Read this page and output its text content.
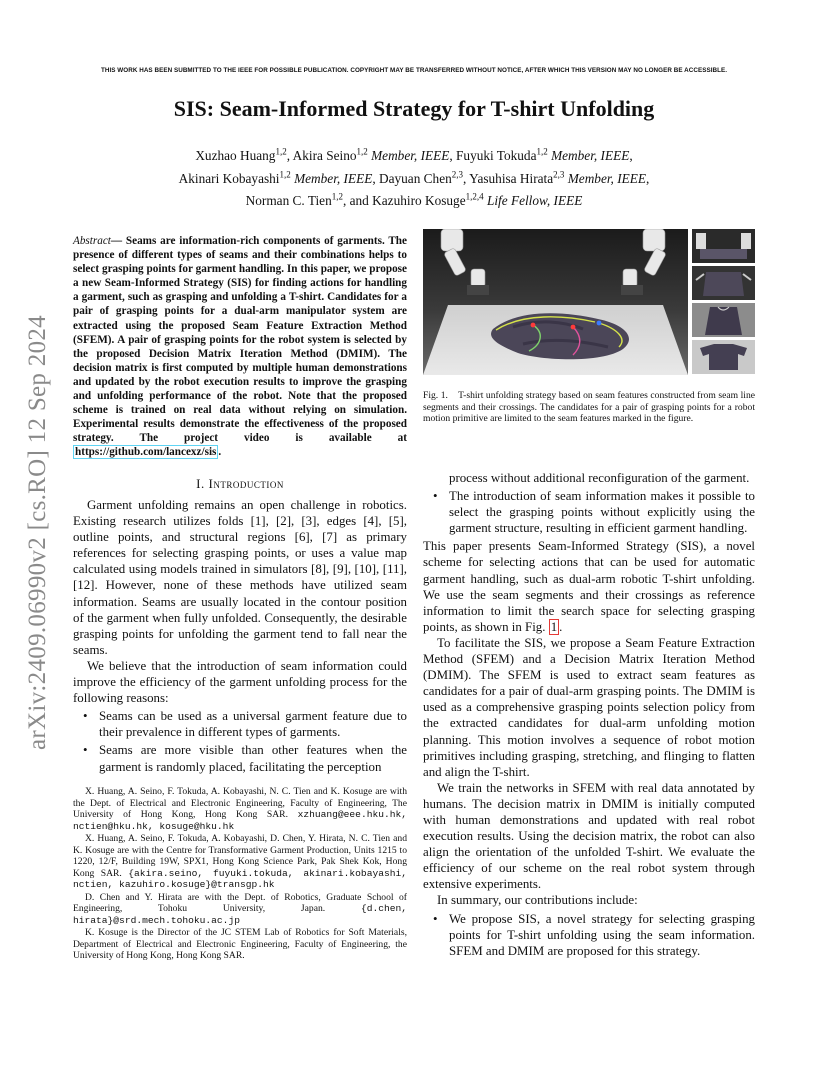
THIS WORK HAS BEEN SUBMITTED TO THE IEEE FOR POSSIBLE PUBLICATION. COPYRIGHT MAY BE TRANSFERRED WITHOUT NOTICE, AFTER WHICH THIS VERSION MAY NO LONGER BE ACCESSIBLE.
SIS: Seam-Informed Strategy for T-shirt Unfolding
Xuzhao Huang$^{1,2}$, Akira Seino$^{1,2}$ Member, IEEE, Fuyuki Tokuda$^{1,2}$ Member, IEEE,
Akinari Kobayashi$^{1,2}$ Member, IEEE, Dayuan Chen$^{2,3}$, Yasuhisa Hirata$^{2,3}$ Member, IEEE,
Norman C. Tien$^{1,2}$, and Kazuhiro Kosuge$^{1,2,4}$ Life Fellow, IEEE
arXiv:2409.06990v2 [cs.RO] 12 Sep 2024
Abstract— Seams are information-rich components of garments. The presence of different types of seams and their combinations helps to select grasping points for garment handling. In this paper, we propose a new Seam-Informed Strategy (SIS) for finding actions for handling a garment, such as grasping and unfolding a T-shirt. Candidates for a pair of grasping points for a dual-arm manipulator system are extracted using the proposed Seam Feature Extraction Method (SFEM). A pair of grasping points for the robot system is selected by the proposed Decision Matrix Iteration Method (DMIM). The decision matrix is first computed by multiple human demonstrations and updated by the robot execution results to improve the grasping and unfolding performance of the robot. Note that the proposed scheme is trained on real data without relying on simulation. Experimental results demonstrate the effectiveness of the proposed strategy. The project video is available at https://github.com/lancexz/sis .
I. Introduction

Garment unfolding remains an open challenge in robotics. Existing research utilizes folds [1], [2], [3], edges [4], [5], outline points, and structural regions [6], [7] as primary references for selecting grasping points, or uses a value map calculated using models trained in simulators [8], [9], [10], [11], [12]. However, none of these methods have utilized seam information. Seams are usually located in the contour position of the garment when fully unfolded. Consequently, the desirable grasping points for unfolding the garment tend to fall near the seams.

We believe that the introduction of seam information could improve the efficiency of the garment unfolding process for the following reasons:

• Seams can be used as a universal garment feature due to their prevalence in different types of garments.
• Seams are more visible than other features when the garment is randomly placed, facilitating the perception

X. Huang, A. Seino, F. Tokuda, A. Kobayashi, N. C. Tien and K. Kosuge are with the Dept. of Electrical and Electronic Engineering, Faculty of Engineering, The University of Hong Kong, Hong Kong SAR. xzhuang@eee.hku.hk, nctien@hku.hk, kosuge@hku.hk

X. Huang, A. Seino, F. Tokuda, A. Kobayashi, D. Chen, Y. Hirata, N. C. Tien and K. Kosuge are with the Centre for Transformative Garment Production, Units 1215 to 1220, 12/F, Building 19W, SPX1, Hong Kong Science Park, Pak Shek Kok, Hong Kong SAR. {akira.seino, fuyuki.tokuda, akinari.kobayashi, nctien, kazuhiro.kosuge}@transgp.hk

D. Chen and Y. Hirata are with the Dept. of Robotics, Graduate School of Engineering, Tohoku University, Japan. {d.chen, hirata}@srd.mech.tohoku.ac.jp

K. Kosuge is the Director of the JC STEM Lab of Robotics for Soft Materials, Department of Electrical and Electronic Engineering, Faculty of Engineering, the University of Hong Kong, Hong Kong SAR.

Fig. 1. T-shirt unfolding strategy based on seam features constructed from seam line segments and their crossings. The candidates for a pair of grasping points for a robot motion primitive are limited to the seam features marked in the figure.
process without additional reconfiguration of the garment.
• The introduction of seam information makes it possible to select the grasping points without explicitly using the garment structure, resulting in efficient garment handling.

This paper presents Seam-Informed Strategy (SIS), a novel scheme for selecting actions that can be used for automatic garment handling, such as dual-arm robotic T-shirt unfolding. We use the seam segments and their crossings as reference information to limit the search space for selecting grasping points, as shown in Fig. 1 .

To facilitate the SIS, we propose a Seam Feature Extraction Method (SFEM) and a Decision Matrix Iteration Method (DMIM). The SFEM is used to extract seam features as candidates for a pair of dual-arm grasping points. The DMIM is used as a comprehensive grasping points selection policy from the extracted candidates for dual-arm unfolding motion planning. This motion involves a sequence of robot motion primitives including grasping, stretching, and flinging to flatten and align the T-shirt.

We train the networks in SFEM with real data annotated by humans. The decision matrix in DMIM is initially computed with human demonstrations and updated with real robot execution results. Using the decision matrix, the robot can also align the orientation of the unfolded T-shirt. We evaluate the efficiency of our scheme on the real robot system through extensive experiments.

In summary, our contributions include:

• We propose SIS, a novel strategy for selecting grasping points for T-shirt unfolding using the seam information. SFEM and DMIM are proposed for this strategy.
